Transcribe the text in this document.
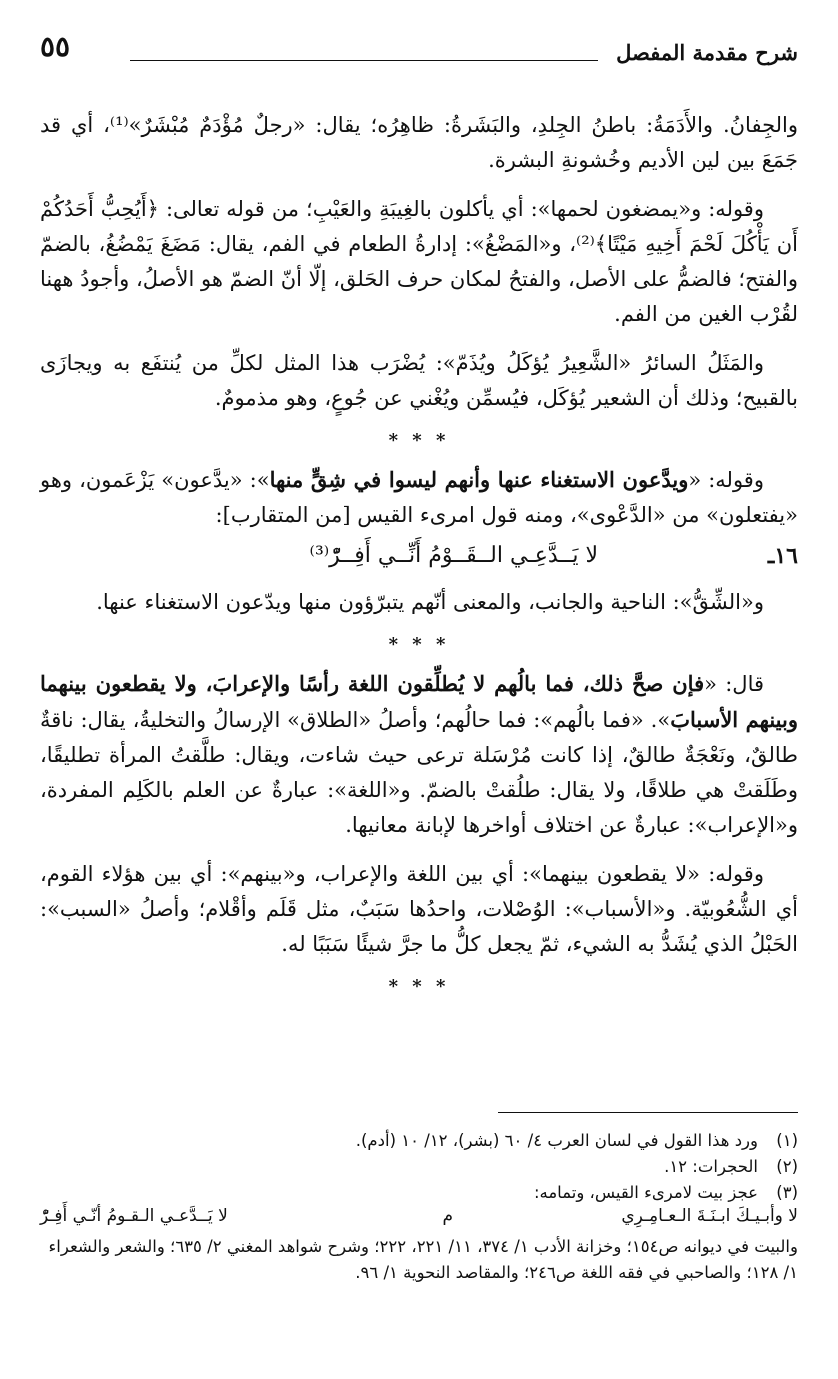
شرح مقدمة المفصل
٥٥

والجِفانُ. والأَدَمَةُ: باطنُ الجِلدِ، والبَشَرةُ: ظاهِرُه؛ يقال: «رجلٌ مُؤْدَمٌ مُبْشَرٌ»⁽¹⁾، أي قد جَمَعَ بين لين الأديم وخُشونةِ البشرة.

وقوله: و«يمضغون لحمها»: أي يأكلون بالغِيبَةِ والعَيْبِ؛ من قوله تعالى: ﴿أَيُحِبُّ أَحَدُكُمْ أَن يَأْكُلَ لَحْمَ أَخِيهِ مَيْتًا﴾⁽²⁾، و«المَضْغُ»: إدارةُ الطعام في الفم، يقال: مَضَغَ يَمْضُغُ، بالضمّ والفتح؛ فالضمُّ على الأصل، والفتحُ لمكان حرف الحَلق، إلّا أنّ الضمّ هو الأصلُ، وأجودُ ههنا لقُرْب الغين من الفم.

والمَثَلُ السائرُ «الشَّعِيرُ يُؤكَلُ ويُذَمّ»: يُضْرَب هذا المثل لكلِّ من يُنتفَع به ويجازَى بالقبيح؛ وذلك أن الشعير يُؤكَل، فيُسمِّن ويُغْني عن جُوعٍ، وهو مذمومٌ.

* * *

وقوله: «ويدَّعون الاستغناء عنها وأنهم ليسوا في شِقٍّ منها»: «يدَّعون» يَزْعَمون، وهو «يفتعلون» من «الدَّعْوى»، ومنه قول امرىء القيس [من المتقارب]:

١٦ـ
لا يَــدَّعِـي الــقَــوْمُ أَنِّــي أَفِــرّْ⁽³⁾

و«الشِّقُّ»: الناحية والجانب، والمعنى أنّهم يتبرّؤون منها ويدّعون الاستغناء عنها.

* * *

قال: «فإن صحَّ ذلك، فما بالُهم لا يُطلِّقون اللغة رأسًا والإعرابَ، ولا يقطعون بينهما وبينهم الأسبابَ». «فما بالُهم»: فما حالُهم؛ وأصلُ «الطلاق» الإرسالُ والتخليةُ، يقال: ناقةٌ طالقٌ، ونَعْجَةٌ طالقٌ، إذا كانت مُرْسَلة ترعى حيث شاءت، ويقال: طلَّقتُ المرأة تطليقًا، وطَلَقتْ هي طلاقًا، ولا يقال: طلُقتْ بالضمّ. و«اللغة»: عبارةٌ عن العلم بالكَلِم المفردة، و«الإعراب»: عبارةٌ عن اختلاف أواخرها لإبانة معانيها.

وقوله: «لا يقطعون بينهما»: أي بين اللغة والإعراب، و«بينهم»: أي بين هؤلاء القوم، أي الشُّعُوبيّة. و«الأسباب»: الوُصْلات، واحدُها سَبَبٌ، مثل قَلَم وأقْلام؛ وأصلُ «السبب»: الحَبْلُ الذي يُشَدُّ به الشيء، ثمّ يجعل كلُّ ما جرَّ شيئًا سَبَبًا له.

* * *

(١)ورد هذا القول في لسان العرب ٤/ ٦٠ (بشر)، ١٢/ ١٠ (أدم).

(٢)الحجرات: ١٢.

(٣)عجز بيت لامرىء القيس، وتمامه:

لا وأبـيـكَ ابـنَـةَ الـعـامِـرِي
م
لا يَــدَّعـي الـقـومُ أنّـي أَفِـرّْ

والبيت في ديوانه ص١٥٤؛ وخزانة الأدب ١/ ٣٧٤، ١١/ ٢٢١، ٢٢٢؛ وشرح شواهد المغني ٢/ ٦٣٥؛ والشعر والشعراء ١/ ١٢٨؛ والصاحبي في فقه اللغة ص٢٤٦؛ والمقاصد النحوية ١/ ٩٦.
